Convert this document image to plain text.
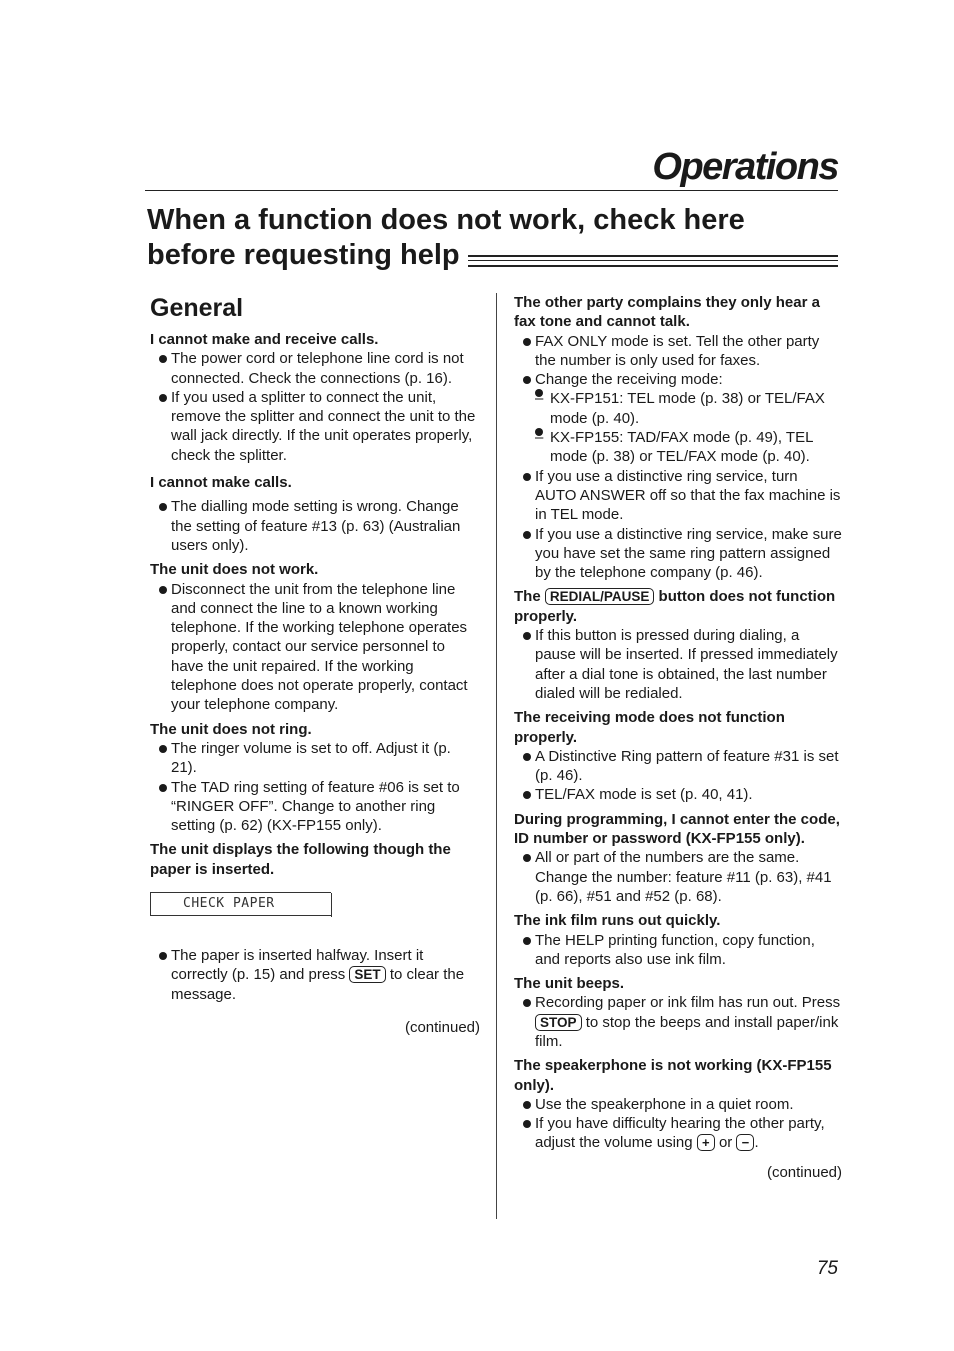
Operations
When a function does not work, check here
before requesting help
General
I cannot make and receive calls.
The power cord or telephone line cord is not connected. Check the connections (p. 16).
If you used a splitter to connect the unit, remove the splitter and connect the unit to the wall jack directly. If the unit operates properly, check the splitter.
I cannot make calls.
The dialling mode setting is wrong. Change the setting of feature #13 (p. 63) (Australian users only).
The unit does not work.
Disconnect the unit from the telephone line and connect the line to a known working telephone. If the working telephone operates properly, contact our service personnel to have the unit repaired. If the working telephone does not operate properly, contact your telephone company.
The unit does not ring.
The ringer volume is set to off. Adjust it (p. 21).
The TAD ring setting of feature #06 is set to “RINGER OFF”. Change to another ring setting (p. 62) (KX-FP155 only).
The unit displays the following though the paper is inserted.
CHECK PAPER
The paper is inserted halfway. Insert it correctly (p. 15) and press SET to clear the message.
(continued)
The other party complains they only hear a fax tone and cannot talk.
FAX ONLY mode is set. Tell the other party the number is only used for faxes.
Change the receiving mode:
– KX-FP151: TEL mode (p. 38) or TEL/FAX mode (p. 40).
– KX-FP155: TAD/FAX mode (p. 49), TEL mode (p. 38) or TEL/FAX mode (p. 40).
If you use a distinctive ring service, turn AUTO ANSWER off so that the fax machine is in TEL mode.
If you use a distinctive ring service, make sure you have set the same ring pattern assigned by the telephone company (p. 46).
The REDIAL/PAUSE button does not function properly.
If this button is pressed during dialing, a pause will be inserted. If pressed immediately after a dial tone is obtained, the last number dialed will be redialed.
The receiving mode does not function properly.
A Distinctive Ring pattern of feature #31 is set (p. 46).
TEL/FAX mode is set (p. 40, 41).
During programming, I cannot enter the code, ID number or password (KX-FP155 only).
All or part of the numbers are the same. Change the number: feature #11 (p. 63), #41 (p. 66), #51 and #52 (p. 68).
The ink film runs out quickly.
The HELP printing function, copy function, and reports also use ink film.
The unit beeps.
Recording paper or ink film has run out. Press STOP to stop the beeps and install paper/ink film.
The speakerphone is not working (KX-FP155 only).
Use the speakerphone in a quiet room.
If you have difficulty hearing the other party, adjust the volume using + or − .
(continued)
75
